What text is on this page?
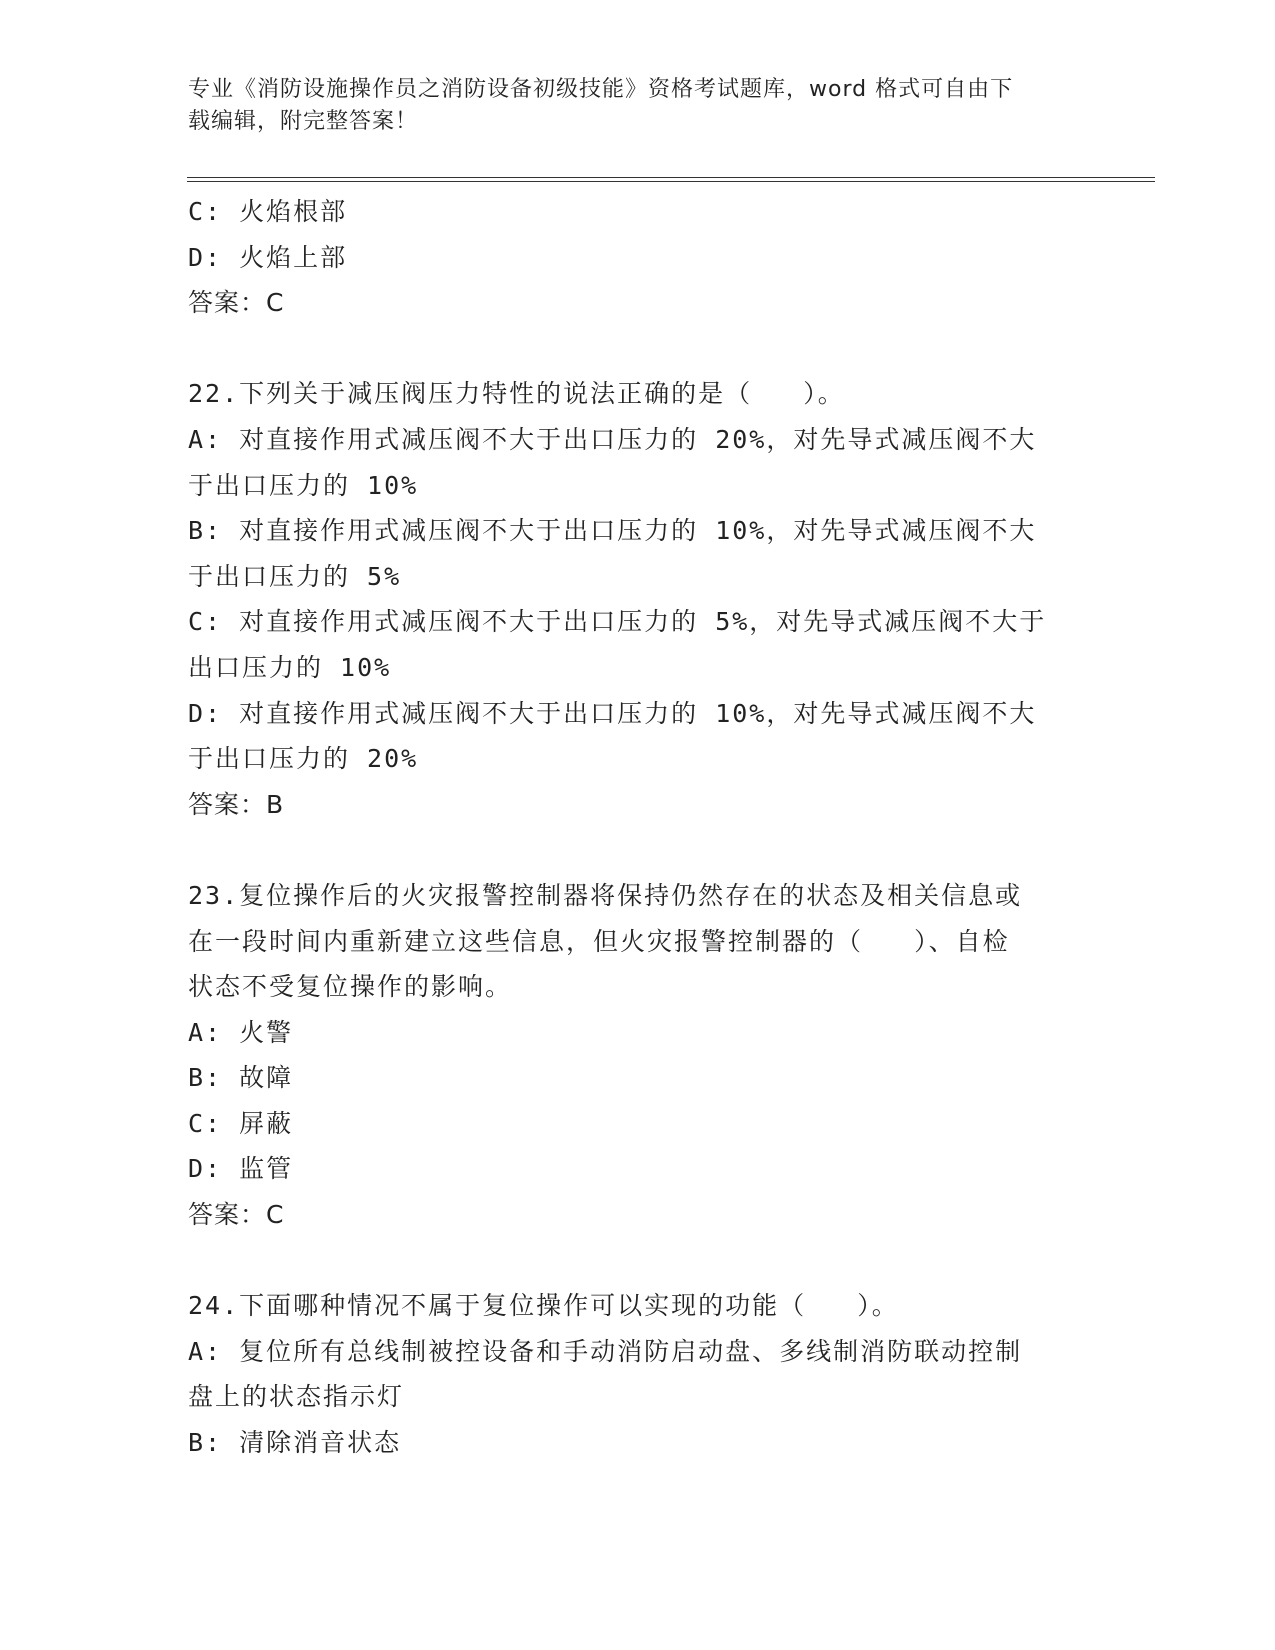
专业《消防设施操作员之消防设备初级技能》资格考试题库，word 格式可自由下
载编辑，附完整答案！
C: 火焰根部
D: 火焰上部
答案：C
22.下列关于减压阀压力特性的说法正确的是（   ）。
A: 对直接作用式减压阀不大于出口压力的 20%，对先导式减压阀不大
于出口压力的 10%
B: 对直接作用式减压阀不大于出口压力的 10%，对先导式减压阀不大
于出口压力的 5%
C: 对直接作用式减压阀不大于出口压力的 5%，对先导式减压阀不大于
出口压力的 10%
D: 对直接作用式减压阀不大于出口压力的 10%，对先导式减压阀不大
于出口压力的 20%
答案：B
23.复位操作后的火灾报警控制器将保持仍然存在的状态及相关信息或
在一段时间内重新建立这些信息，但火灾报警控制器的（   ）、自检
状态不受复位操作的影响。
A: 火警
B: 故障
C: 屏蔽
D: 监管
答案：C
24.下面哪种情况不属于复位操作可以实现的功能（   ）。
A: 复位所有总线制被控设备和手动消防启动盘、多线制消防联动控制
盘上的状态指示灯
B: 清除消音状态
